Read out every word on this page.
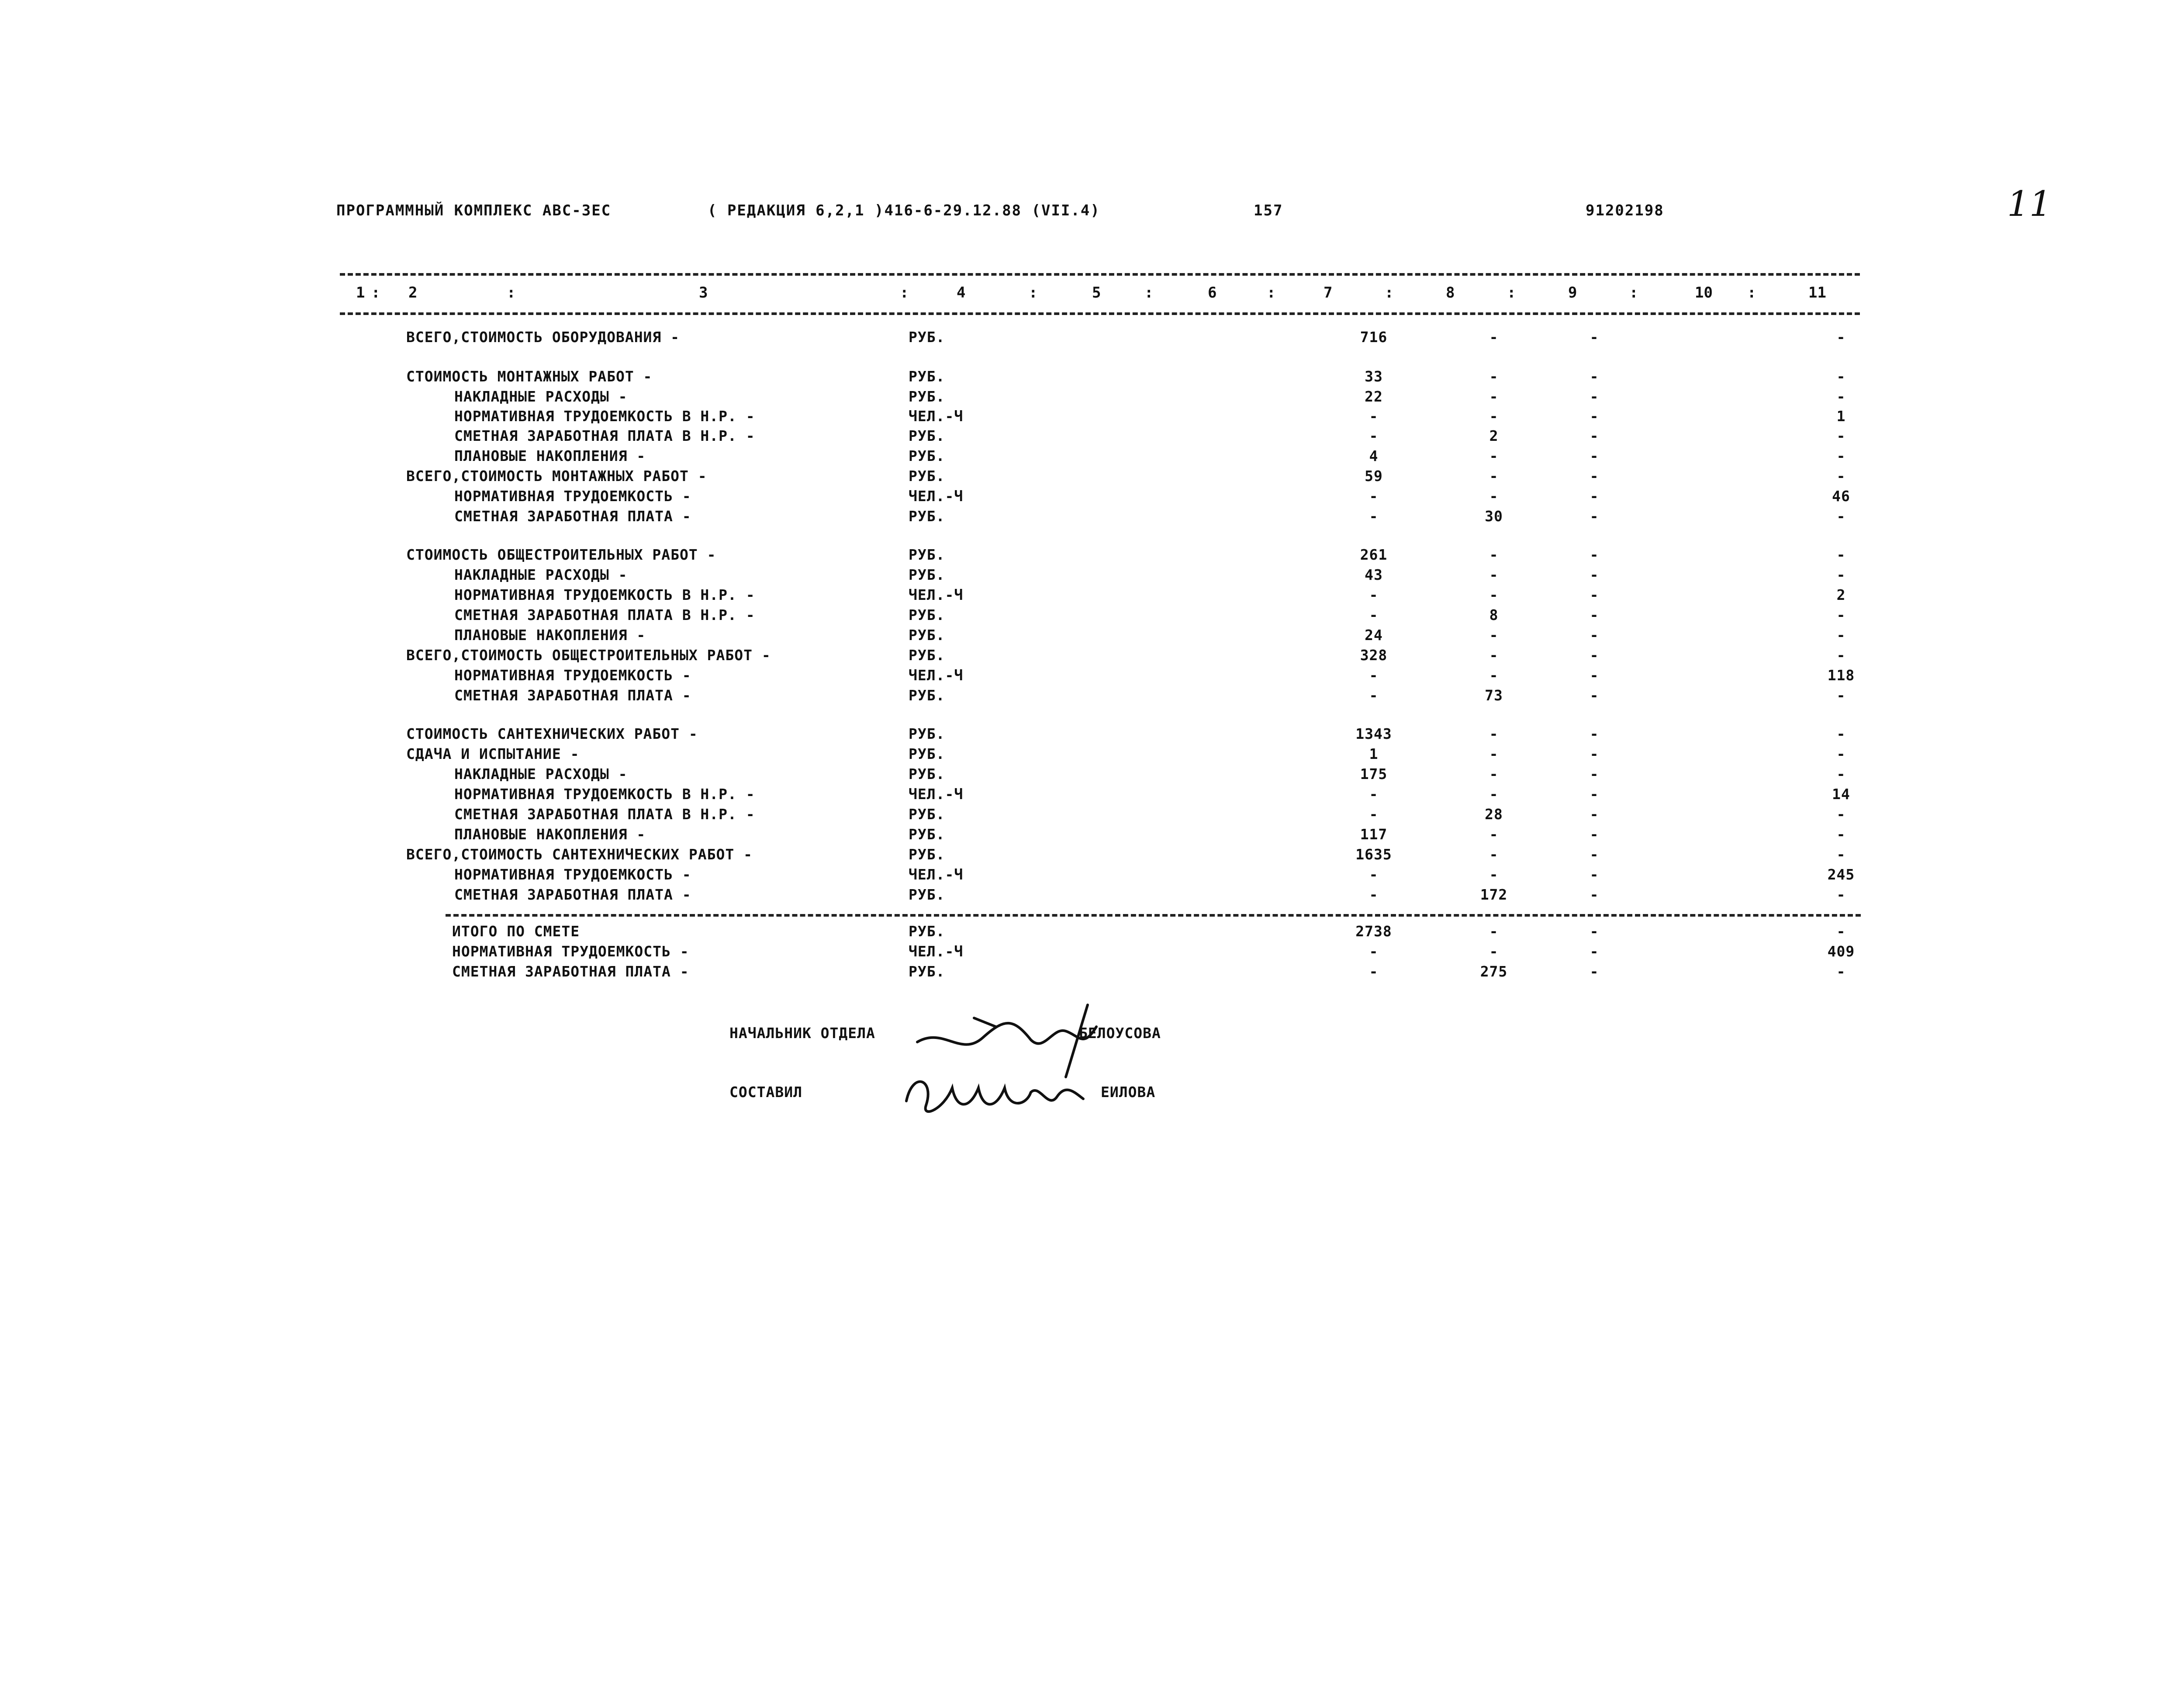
ПРОГРАММНЫЙ КОМПЛЕКС АВС-ЗЕС	( РЕДАКЦИЯ 6,2,1 )416-6-29.12.88 (VII.4)	157	91202198	11
1	2	3	4	5	6	7	8	9	10	11
:	:	:	:	:	:	:	:	:	:
ВСЕГО,СТОИМОСТЬ ОБОРУДОВАНИЯ -	РУБ.	716	-	-	-
СТОИМОСТЬ МОНТАЖНЫХ РАБОТ -	РУБ.	33	-	-	-
НАКЛАДНЫЕ РАСХОДЫ -	РУБ.	22	-	-	-
НОРМАТИВНАЯ ТРУДОЕМКОСТЬ В Н.Р. -	ЧЕЛ.-Ч	-	-	-	1
СМЕТНАЯ ЗАРАБОТНАЯ ПЛАТА В Н.Р. -	РУБ.	-	2	-	-
ПЛАНОВЫЕ НАКОПЛЕНИЯ -	РУБ.	4	-	-	-
ВСЕГО,СТОИМОСТЬ МОНТАЖНЫХ РАБОТ -	РУБ.	59	-	-	-
НОРМАТИВНАЯ ТРУДОЕМКОСТЬ -	ЧЕЛ.-Ч	-	-	-	46
СМЕТНАЯ ЗАРАБОТНАЯ ПЛАТА -	РУБ.	-	30	-	-
СТОИМОСТЬ ОБЩЕСТРОИТЕЛЬНЫХ РАБОТ -	РУБ.	261	-	-	-
НАКЛАДНЫЕ РАСХОДЫ -	РУБ.	43	-	-	-
НОРМАТИВНАЯ ТРУДОЕМКОСТЬ В Н.Р. -	ЧЕЛ.-Ч	-	-	-	2
СМЕТНАЯ ЗАРАБОТНАЯ ПЛАТА В Н.Р. -	РУБ.	-	8	-	-
ПЛАНОВЫЕ НАКОПЛЕНИЯ -	РУБ.	24	-	-	-
ВСЕГО,СТОИМОСТЬ ОБЩЕСТРОИТЕЛЬНЫХ РАБОТ -	РУБ.	328	-	-	-
НОРМАТИВНАЯ ТРУДОЕМКОСТЬ -	ЧЕЛ.-Ч	-	-	-	118
СМЕТНАЯ ЗАРАБОТНАЯ ПЛАТА -	РУБ.	-	73	-	-
СТОИМОСТЬ САНТЕХНИЧЕСКИХ РАБОТ -	РУБ.	1343	-	-	-
СДАЧА И ИСПЫТАНИЕ -	РУБ.	1	-	-	-
НАКЛАДНЫЕ РАСХОДЫ -	РУБ.	175	-	-	-
НОРМАТИВНАЯ ТРУДОЕМКОСТЬ В Н.Р. -	ЧЕЛ.-Ч	-	-	-	14
СМЕТНАЯ ЗАРАБОТНАЯ ПЛАТА В Н.Р. -	РУБ.	-	28	-	-
ПЛАНОВЫЕ НАКОПЛЕНИЯ -	РУБ.	117	-	-	-
ВСЕГО,СТОИМОСТЬ САНТЕХНИЧЕСКИХ РАБОТ -	РУБ.	1635	-	-	-
НОРМАТИВНАЯ ТРУДОЕМКОСТЬ -	ЧЕЛ.-Ч	-	-	-	245
СМЕТНАЯ ЗАРАБОТНАЯ ПЛАТА -	РУБ.	-	172	-	-
ИТОГО ПО СМЕТЕ	РУБ.	2738	-	-	-
НОРМАТИВНАЯ ТРУДОЕМКОСТЬ -	ЧЕЛ.-Ч	-	-	-	409
СМЕТНАЯ ЗАРАБОТНАЯ ПЛАТА -	РУБ.	-	275	-	-
НАЧАЛЬНИК ОТДЕЛА	БЕЛОУСОВА
СОСТАВИЛ	ЕИЛОВА
